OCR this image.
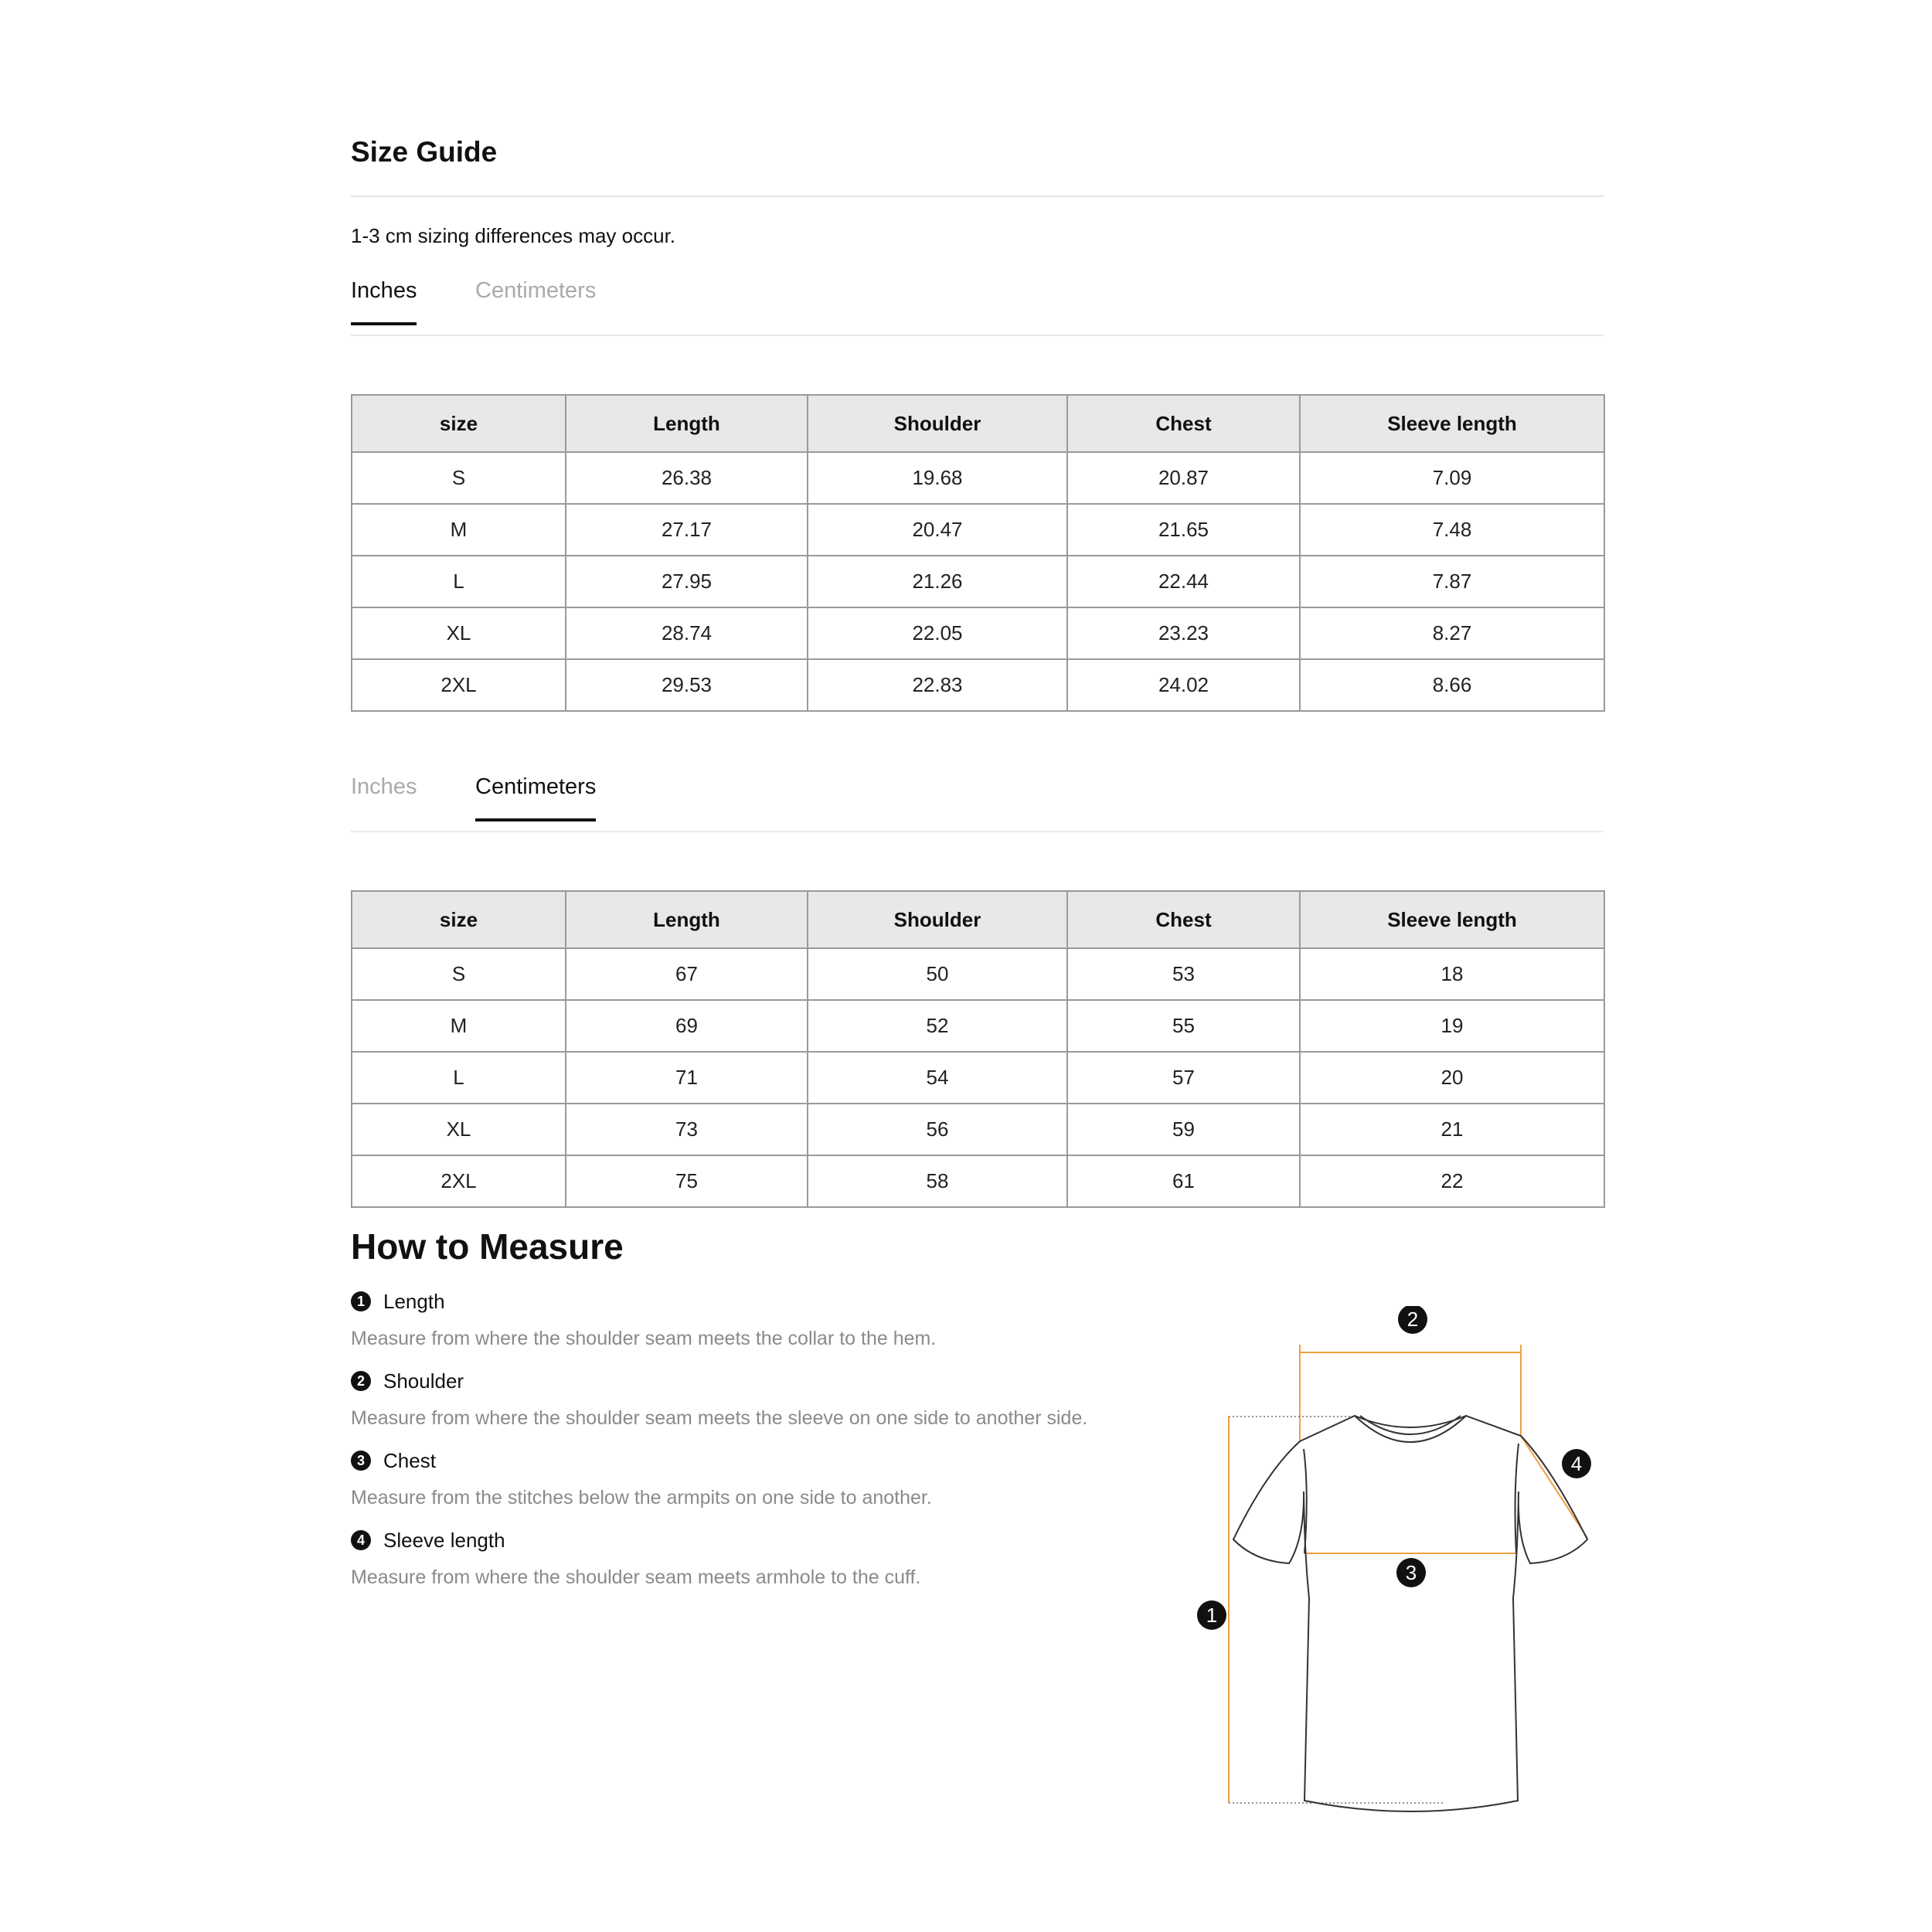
Size Guide
1-3 cm sizing differences may occur.
Inches	Centimeters
size	Length	Shoulder	Chest	Sleeve length
S	26.38	19.68	20.87	7.09
M	27.17	20.47	21.65	7.48
L	27.95	21.26	22.44	7.87
XL	28.74	22.05	23.23	8.27
2XL	29.53	22.83	24.02	8.66
Inches	Centimeters
size	Length	Shoulder	Chest	Sleeve length
S	67	50	53	18
M	69	52	55	19
L	71	54	57	20
XL	73	56	59	21
2XL	75	58	61	22
How to Measure
1 Length
Measure from where the shoulder seam meets the collar to the hem.
2 Shoulder
Measure from where the shoulder seam meets the sleeve on one side to another side.
3 Chest
Measure from the stitches below the armpits on one side to another.
4 Sleeve length
Measure from where the shoulder seam meets armhole to the cuff.
2
4
3
1
